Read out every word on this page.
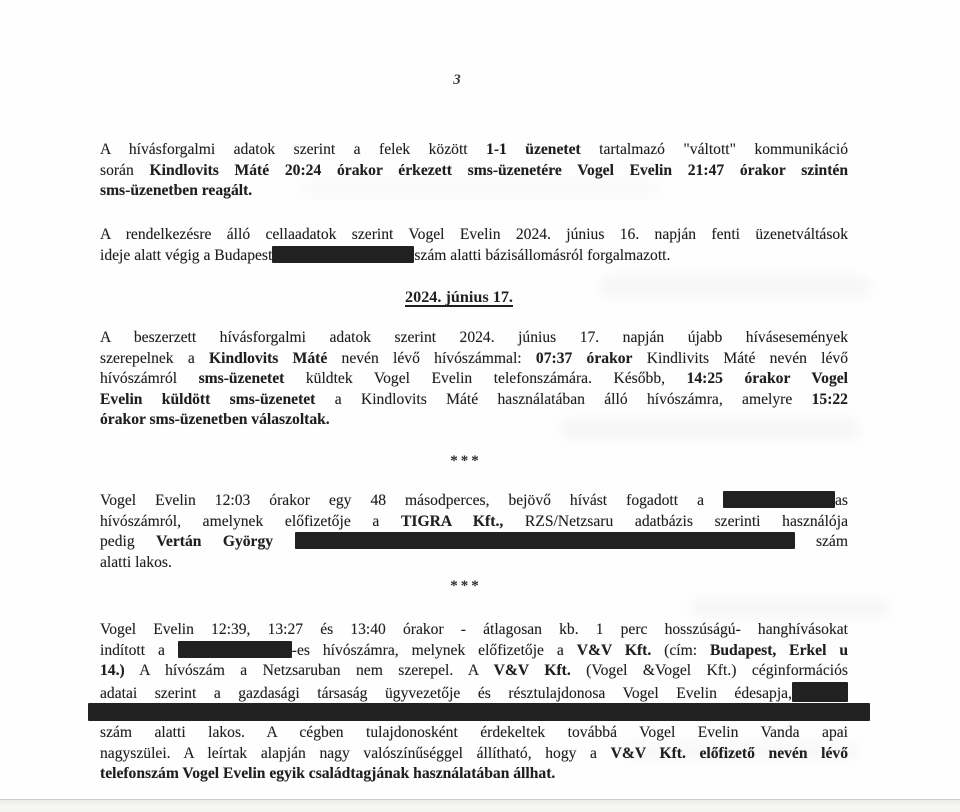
3
A hívásforgalmi adatok szerint a felek között 1-1 üzenetet tartalmazó "váltott" kommunikáció
során Kindlovits Máté 20:24 órakor érkezett sms-üzenetére Vogel Evelin 21:47 órakor szintén
sms-üzenetben reagált.
A rendelkezésre álló cellaadatok szerint Vogel Evelin 2024. június 16. napján fenti üzenetváltások
ideje alatt végig a Budapest	szám alatti bázisállomásról forgalmazott.
2024. június 17.
A beszerzett hívásforgalmi adatok szerint 2024. június 17. napján újabb hívásesemények
szerepelnek a Kindlovits Máté nevén lévő hívószámmal: 07:37 órakor Kindlivits Máté nevén lévő
hívószámról sms-üzenetet küldtek Vogel Evelin telefonszámára. Később, 14:25 órakor Vogel
Evelin küldött sms-üzenetet a Kindlovits Máté használatában álló hívószámra, amelyre 15:22
órakor sms-üzenetben válaszoltak.
***
Vogel Evelin 12:03 órakor egy 48 másodperces, bejövő hívást fogadott a	as
hívószámról, amelynek előfizetője a TIGRA Kft., RZS/Netzsaru adatbázis szerinti használója
pedig Vertán György	szám
alatti lakos.
***
Vogel Evelin 12:39, 13:27 és 13:40 órakor - átlagosan kb. 1 perc hosszúságú- hanghívásokat
indított a	-es hívószámra, melynek előfizetője a V&V Kft. (cím: Budapest, Erkel u
14.) A hívószám a Netzsaruban nem szerepel. A V&V Kft. (Vogel &Vogel Kft.) céginformációs
adatai szerint a gazdasági társaság ügyvezetője és résztulajdonosa Vogel Evelin édesapja,
szám alatti lakos. A cégben tulajdonosként érdekeltek továbbá Vogel Evelin Vanda apai
nagyszülei. A leírtak alapján nagy valószínűséggel állítható, hogy a V&V Kft. előfizető nevén lévő
telefonszám Vogel Evelin egyik családtagjának használatában állhat.
